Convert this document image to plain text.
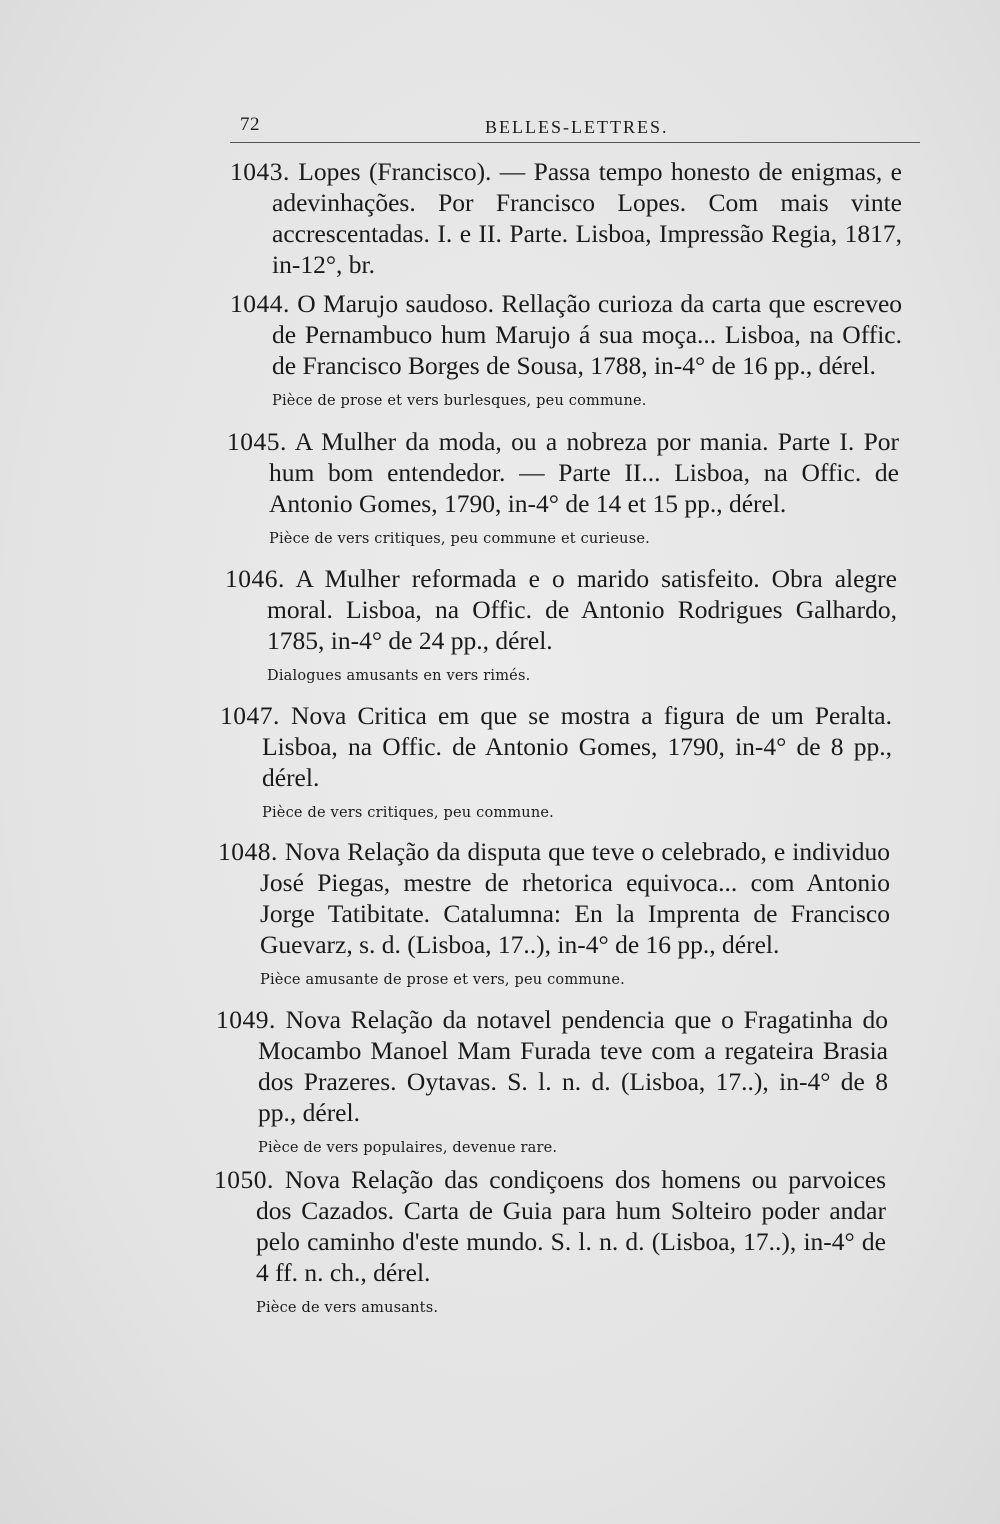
72	BELLES-LETTRES.

1043. Lopes (Francisco). — Passa tempo honesto de enigmas, e adevinhações. Por Francisco Lopes. Com mais vinte accrescentadas. I. e II. Parte. Lisboa, Impressão Regia, 1817, in-12°, br.

1044. O Marujo saudoso. Rellação curioza da carta que escreveo de Pernambuco hum Marujo á sua moça... Lisboa, na Offic. de Francisco Borges de Sousa, 1788, in-4° de 16 pp., dérel.

Pièce de prose et vers burlesques, peu commune.

1045. A Mulher da moda, ou a nobreza por mania. Parte I. Por hum bom entendedor. — Parte II... Lisboa, na Offic. de Antonio Gomes, 1790, in-4° de 14 et 15 pp., dérel.

Pièce de vers critiques, peu commune et curieuse.

1046. A Mulher reformada e o marido satisfeito. Obra alegre moral. Lisboa, na Offic. de Antonio Rodrigues Galhardo, 1785, in-4° de 24 pp., dérel.

Dialogues amusants en vers rimés.

1047. Nova Critica em que se mostra a figura de um Peralta. Lisboa, na Offic. de Antonio Gomes, 1790, in-4° de 8 pp., dérel.

Pièce de vers critiques, peu commune.

1048. Nova Relação da disputa que teve o celebrado, e individuo José Piegas, mestre de rhetorica equivoca... com Antonio Jorge Tatibitate. Catalumna: En la Imprenta de Francisco Guevarz, s. d. (Lisboa, 17..), in-4° de 16 pp., dérel.

Pièce amusante de prose et vers, peu commune.

1049. Nova Relação da notavel pendencia que o Fragatinha do Mocambo Manoel Mam Furada teve com a regateira Brasia dos Prazeres. Oytavas. S. l. n. d. (Lisboa, 17..), in-4° de 8 pp., dérel.

Pièce de vers populaires, devenue rare.

1050. Nova Relação das condiçoens dos homens ou parvoices dos Cazados. Carta de Guia para hum Solteiro poder andar pelo caminho d'este mundo. S. l. n. d. (Lisboa, 17..), in-4° de 4 ff. n. ch., dérel.

Pièce de vers amusants.
